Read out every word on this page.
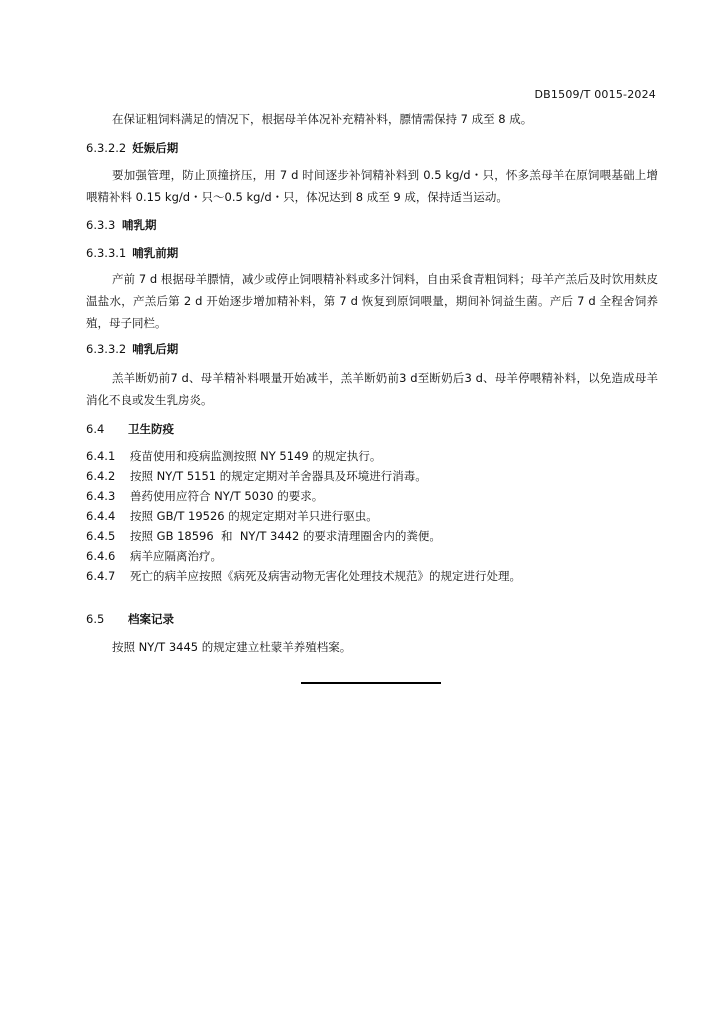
DB1509/T 0015-2024

在保证粗饲料满足的情况下，根据母羊体况补充精补料，膘情需保持 7 成至 8 成。

6.3.2.2 妊娠后期

要加强管理，防止顶撞挤压，用 7 d 时间逐步补饲精补料到 0.5 kg/d・只，怀多羔母羊在原饲喂基础上增喂精补料 0.15 kg/d・只～0.5 kg/d・只，体况达到 8 成至 9 成，保持适当运动。

6.3.3 哺乳期
6.3.3.1 哺乳前期

产前 7 d 根据母羊膘情，减少或停止饲喂精补料或多汁饲料，自由采食青粗饲料；母羊产羔后及时饮用麸皮温盐水，产羔后第 2 d 开始逐步增加精补料，第 7 d 恢复到原饲喂量，期间补饲益生菌。产后 7 d 全程舍饲养殖，母子同栏。

6.3.3.2 哺乳后期

羔羊断奶前7 d、母羊精补料喂量开始减半，羔羊断奶前3 d至断奶后3 d、母羊停喂精补料，以免造成母羊消化不良或发生乳房炎。

6.4 卫生防疫
6.4.1 疫苗使用和疫病监测按照 NY 5149 的规定执行。
6.4.2 按照 NY/T 5151 的规定定期对羊舍器具及环境进行消毒。
6.4.3 兽药使用应符合 NY/T 5030 的要求。
6.4.4 按照 GB/T 19526 的规定定期对羊只进行驱虫。
6.4.5 按照 GB 18596  和  NY/T 3442 的要求清理圈舍内的粪便。
6.4.6 病羊应隔离治疗。
6.4.7 死亡的病羊应按照《病死及病害动物无害化处理技术规范》的规定进行处理。
6.5 档案记录

按照 NY/T 3445 的规定建立杜蒙羊养殖档案。
